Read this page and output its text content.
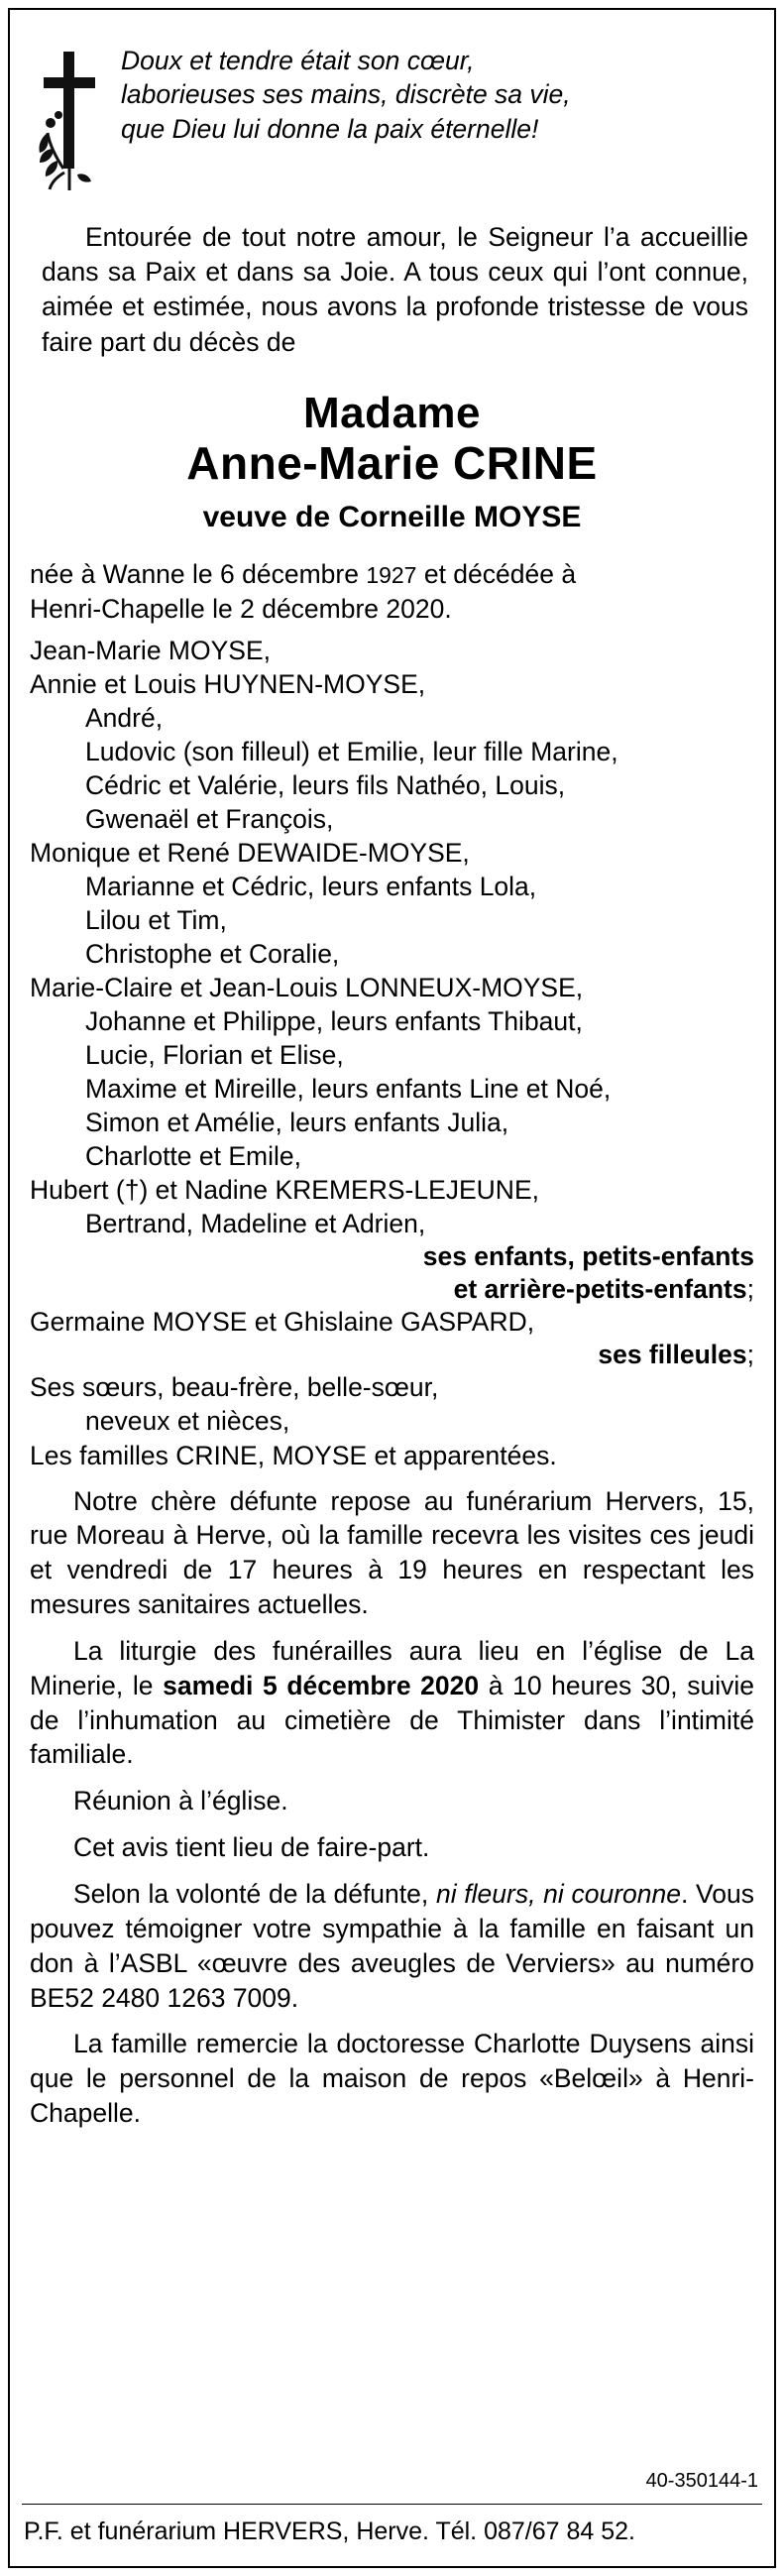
Doux et tendre était son cœur,
laborieuses ses mains, discrète sa vie,
que Dieu lui donne la paix éternelle!
Entourée de tout notre amour, le Seigneur l’a accueillie dans sa Paix et dans sa Joie. A tous ceux qui l’ont connue, aimée et estimée, nous avons la profonde tristesse de vous faire part du décès de
Madame
Anne-Marie CRINE
veuve de Corneille MOYSE
née à Wanne le 6 décembre 1927 et décédée à
Henri-Chapelle le 2 décembre 2020.
Jean-Marie MOYSE,
Annie et Louis HUYNEN-MOYSE,
André,
Ludovic (son filleul) et Emilie, leur fille Marine,
Cédric et Valérie, leurs fils Nathéo, Louis,
Gwenaël et François,
Monique et René DEWAIDE-MOYSE,
Marianne et Cédric, leurs enfants Lola,
Lilou et Tim,
Christophe et Coralie,
Marie-Claire et Jean-Louis LONNEUX-MOYSE,
Johanne et Philippe, leurs enfants Thibaut,
Lucie, Florian et Elise,
Maxime et Mireille, leurs enfants Line et Noé,
Simon et Amélie, leurs enfants Julia,
Charlotte et Emile,
Hubert (†) et Nadine KREMERS-LEJEUNE,
Bertrand, Madeline et Adrien,
ses enfants, petits-enfants
et arrière-petits-enfants;
Germaine MOYSE et Ghislaine GASPARD,
ses filleules;
Ses sœurs, beau-frère, belle-sœur,
neveux et nièces,
Les familles CRINE, MOYSE et apparentées.
Notre chère défunte repose au funérarium Hervers, 15, rue Moreau à Herve, où la famille recevra les visites ces jeudi et vendredi de 17 heures à 19 heures en respectant les mesures sanitaires actuelles.
La liturgie des funérailles aura lieu en l’église de La Minerie, le samedi 5 décembre 2020 à 10 heures 30, suivie de l’inhumation au cimetière de Thimister dans l’intimité familiale.
Réunion à l’église.
Cet avis tient lieu de faire-part.
Selon la volonté de la défunte, ni fleurs, ni couronne. Vous pouvez témoigner votre sympathie à la famille en faisant un don à l’ASBL «œuvre des aveugles de Verviers» au numéro BE52 2480 1263 7009.
La famille remercie la doctoresse Charlotte Duysens ainsi que le personnel de la maison de repos «Belœil» à Henri-Chapelle.
40-350144-1
P.F. et funérarium HERVERS, Herve. Tél. 087/67 84 52.
